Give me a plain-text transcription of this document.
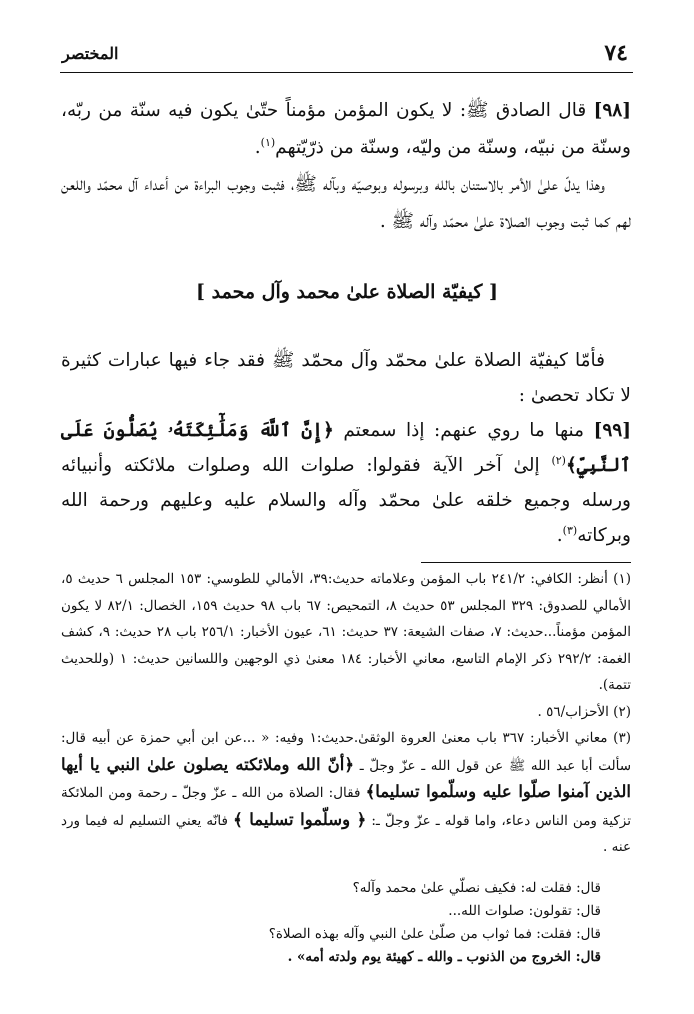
٧٤
المختصر

[٩٨] قال الصادق ﷺ: لا يكون المؤمن مؤمناً حتّىٰ يكون فيه سنّة من ربّه، وسنّة من نبيّه، وسنّة من وليّه، وسنّة من ذرّيّتهم$^{(١)}$.

وهذا يدلّ علىٰ الأمر بالاستنان بالله وبرسوله وبوصيّه وبآله ﷺ، فثبت وجوب البراءة من أعداء آل محمّد واللعن لهم كما ثبت وجوب الصلاة علىٰ محمّد وآله ﷺ .

[ كيفيّة الصلاة علىٰ محمد وآل محمد ]

فأمّا كيفيّة الصلاة علىٰ محمّد وآل محمّد ﷺ فقد جاء فيها عبارات كثيرة لا تكاد تحصىٰ :

[٩٩] منها ما روي عنهم: إذا سمعتم ﴿إِنَّ ٱللَّهَ وَمَلَٰٓئِكَتَهُۥ يُصَلُّونَ عَلَى ٱلنَّبِيِّ﴾$^{(٢)}$ إلىٰ آخر الآية فقولوا: صلوات الله وصلوات ملائكته وأنبيائه ورسله وجميع خلقه علىٰ محمّد وآله والسلام عليه وعليهم ورحمة الله وبركاته$^{(٣)}$.

(١) أنظر: الكافي: ٢٤١/٢ باب المؤمن وعلاماته حديث:٣٩، الأمالي للطوسي: ١٥٣ المجلس ٦ حديث ٥، الأمالي للصدوق: ٣٢٩ المجلس ٥٣ حديث ٨، التمحيص: ٦٧ باب ٩٨ حديث ١٥٩، الخصال: ٨٢/١ لا يكون المؤمن مؤمناً...حديث: ٧، صفات الشيعة: ٣٧ حديث: ٦١، عيون الأخبار: ٢٥٦/١ باب ٢٨ حديث: ٩، كشف الغمة: ٢٩٢/٢ ذكر الإمام التاسع، معاني الأخبار: ١٨٤ معنىٰ ذي الوجهين واللسانين حديث: ١ (وللحديث تتمة).

(٢) الأحزاب/٥٦ .

(٣) معاني الأخبار: ٣٦٧ باب معنىٰ العروة الوثقىٰ.حديث:١ وفيه: « ...عن ابن أبي حمزة عن أبيه قال: سألت أبا عبد الله ﷺ عن قول الله ـ عزّ وجلّ ـ ﴿أنّ الله وملائكته يصلون علىٰ النبي يا أيها الذين آمنوا صلّوا عليه وسلّموا تسليما﴾ فقال: الصلاة من الله ـ عزّ وجلّ ـ رحمة ومن الملائكة تزكية ومن الناس دعاء، واما قوله ـ عزّ وجلّ ـ: ﴿ وسلّموا تسليما ﴾ فانّه يعني التسليم له فيما ورد عنه .

قال: فقلت له: فكيف نصلّي علىٰ محمد وآله؟

قال: تقولون: صلوات الله...

قال: فقلت: فما ثواب من صلّىٰ علىٰ النبي وآله بهذه الصلاة؟

قال: الخروج من الذنوب ـ والله ـ كهيئة يوم ولدته أمه» .
